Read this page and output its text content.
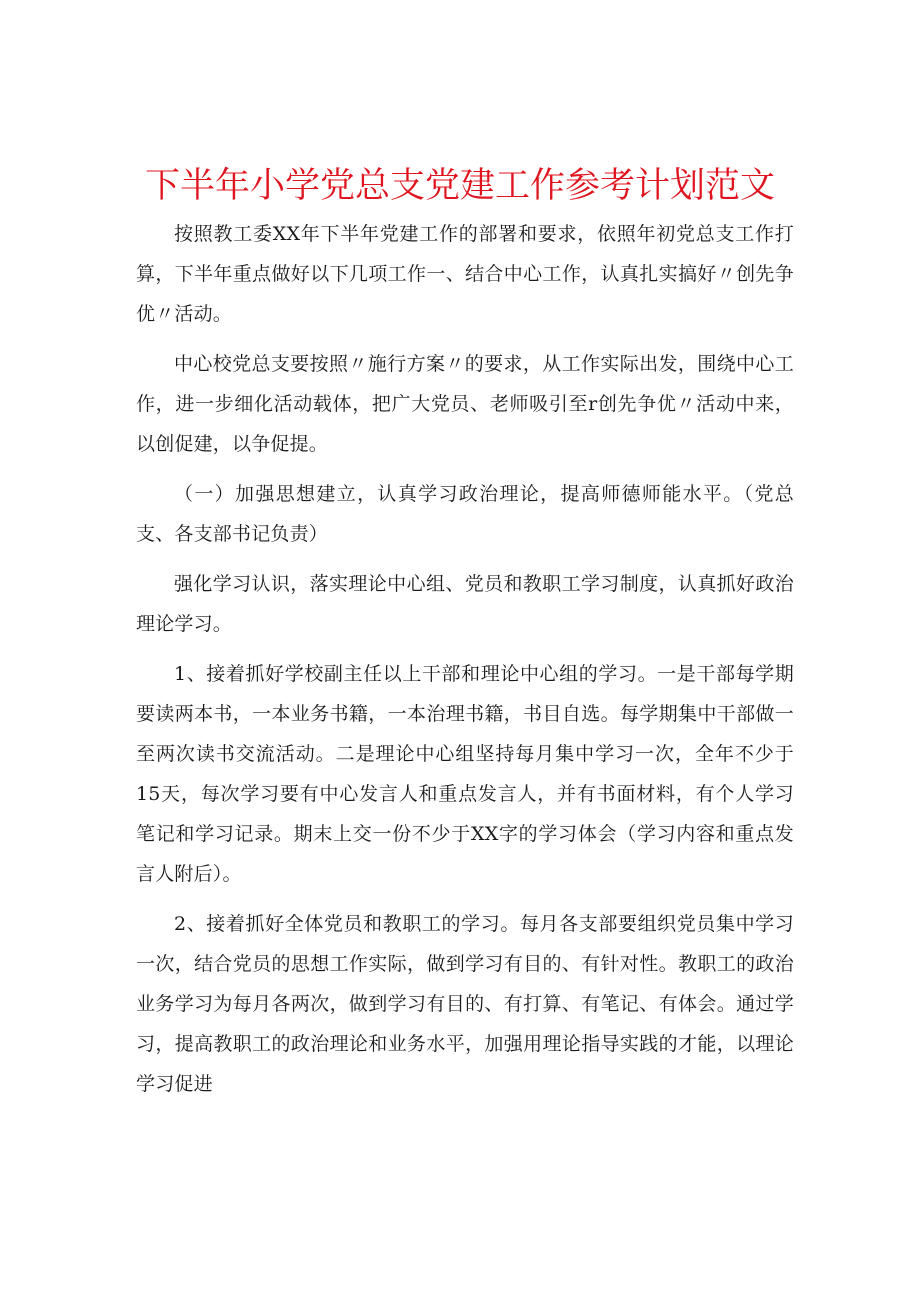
下半年小学党总支党建工作参考计划范文

按照教工委XX年下半年党建工作的部署和要求，依照年初党总支工作打算，下半年重点做好以下几项工作一、结合中心工作，认真扎实搞好〃创先争优〃活动。

中心校党总支要按照〃施行方案〃的要求，从工作实际出发，围绕中心工作，进一步细化活动载体，把广大党员、老师吸引至r创先争优〃活动中来，以创促建，以争促提。

（一）加强思想建立，认真学习政治理论，提高师德师能水平。（党总支、各支部书记负责）

强化学习认识，落实理论中心组、党员和教职工学习制度，认真抓好政治理论学习。

1、接着抓好学校副主任以上干部和理论中心组的学习。一是干部每学期要读两本书，一本业务书籍，一本治理书籍，书目自选。每学期集中干部做一至两次读书交流活动。二是理论中心组坚持每月集中学习一次，全年不少于15天，每次学习要有中心发言人和重点发言人，并有书面材料，有个人学习笔记和学习记录。期末上交一份不少于XX字的学习体会（学习内容和重点发言人附后）。

2、接着抓好全体党员和教职工的学习。每月各支部要组织党员集中学习一次，结合党员的思想工作实际，做到学习有目的、有针对性。教职工的政治业务学习为每月各两次，做到学习有目的、有打算、有笔记、有体会。通过学习，提高教职工的政治理论和业务水平，加强用理论指导实践的才能，以理论学习促进
